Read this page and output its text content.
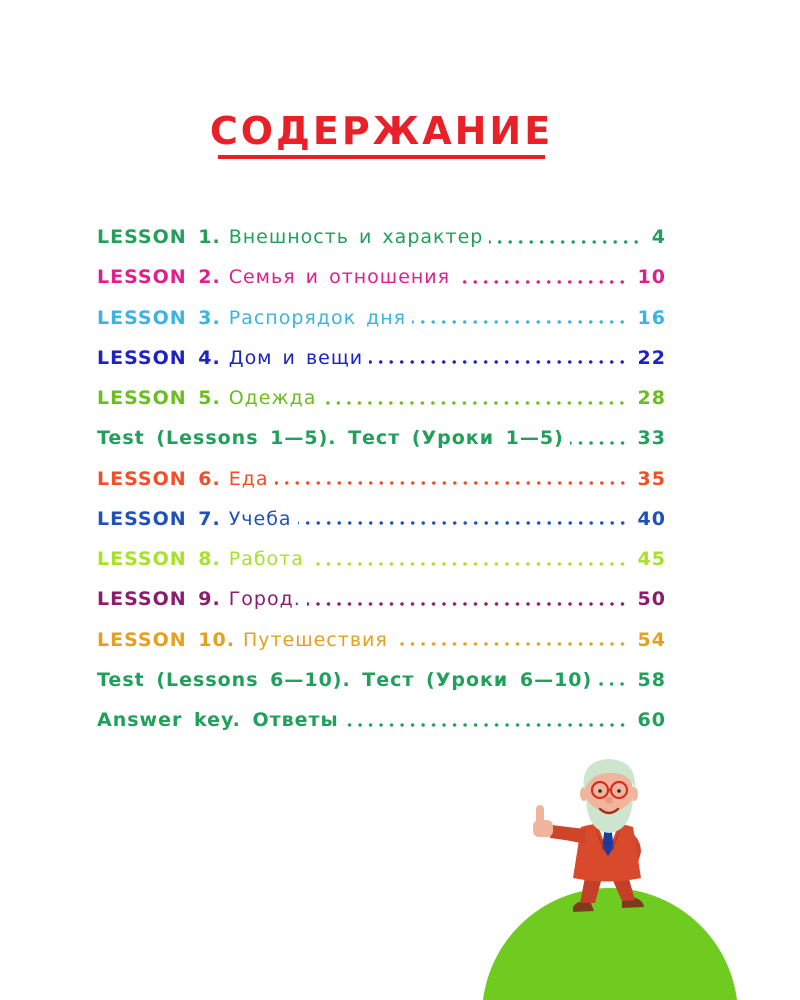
СОДЕРЖАНИЕ
LESSON 1. Внешность и характер	4
LESSON 2. Семья и отношения	10
LESSON 3. Распорядок дня	16
LESSON 4. Дом и вещи	22
LESSON 5. Одежда	28
Test (Lessons 1—5). Тест (Уроки 1—5)	33
LESSON 6. Еда	35
LESSON 7. Учеба	40
LESSON 8. Работа	45
LESSON 9. Город.	50
LESSON 10. Путешествия	54
Test (Lessons 6—10). Тест (Уроки 6—10) 58
Answer key. Ответы	60
